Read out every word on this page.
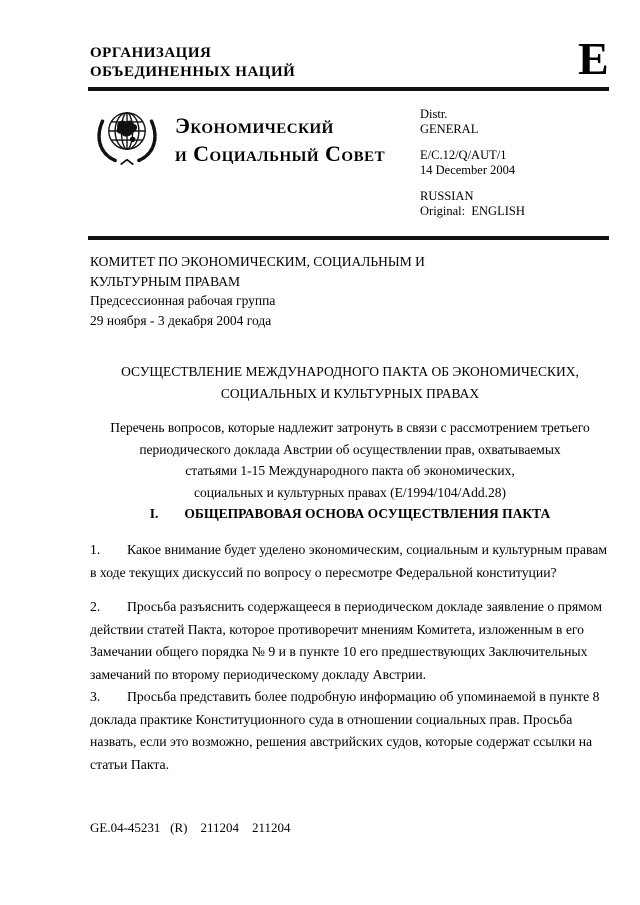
ОРГАНИЗАЦИЯ
ОБЪЕДИНЕННЫХ НАЦИЙ	E
Экономический
и Социальный Совет
Distr.
GENERAL
E/C.12/Q/AUT/1
14 December 2004
RUSSIAN
Original:  ENGLISH
КОМИТЕТ ПО ЭКОНОМИЧЕСКИМ, СОЦИАЛЬНЫМ И
КУЛЬТУРНЫМ ПРАВАМ
Предсессионная рабочая группа
29 ноября - 3 декабря 2004 года
ОСУЩЕСТВЛЕНИЕ МЕЖДУНАРОДНОГО ПАКТА ОБ ЭКОНОМИЧЕСКИХ,
СОЦИАЛЬНЫХ И КУЛЬТУРНЫХ ПРАВАХ
Перечень вопросов, которые надлежит затронуть в связи с рассмотрением третьего
периодического доклада Австрии об осуществлении прав, охватываемых
статьями 1-15 Международного пакта об экономических,
социальных и культурных правах (E/1994/104/Add.28)
I. ОБЩЕПРАВОВАЯ ОСНОВА ОСУЩЕСТВЛЕНИЯ ПАКТА
1. Какое внимание будет уделено экономическим, социальным и культурным правам в ходе текущих дискуссий по вопросу о пересмотре Федеральной конституции?
2. Просьба разъяснить содержащееся в периодическом докладе заявление о прямом действии статей Пакта, которое противоречит мнениям Комитета, изложенным в его Замечании общего порядка № 9 и в пункте 10 его предшествующих Заключительных замечаний по второму периодическому докладу Австрии.
3. Просьба представить более подробную информацию об упоминаемой в пункте 8 доклада практике Конституционного суда в отношении социальных прав. Просьба назвать, если это возможно, решения австрийских судов, которые содержат ссылки на статьи Пакта.
GE.04-45231   (R)    211204    211204
